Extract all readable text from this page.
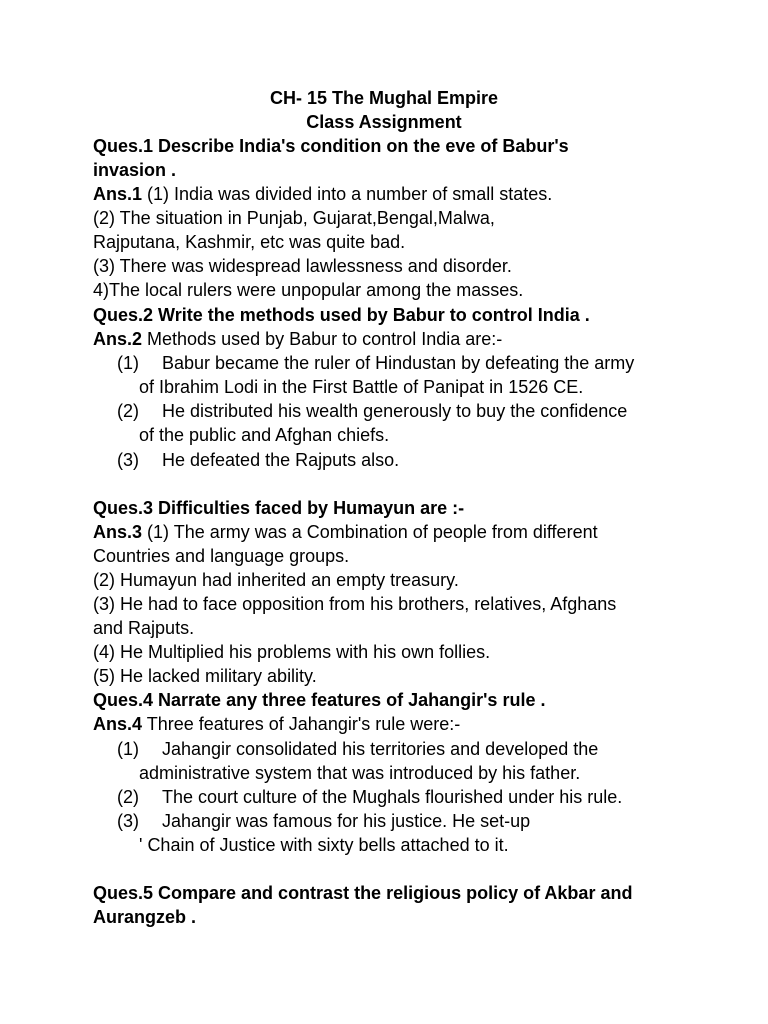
CH- 15 The Mughal Empire
Class Assignment
Ques.1 Describe India's condition on the eve of Babur's
invasion .
Ans.1 (1) India was divided into a number of small states.
(2) The situation in Punjab, Gujarat,Bengal,Malwa,
Rajputana, Kashmir, etc was quite bad.
(3) There was widespread lawlessness and disorder.
4)The local rulers were unpopular among the masses.
Ques.2 Write the methods used by Babur to control India .
Ans.2 Methods used by Babur to control India are:-
(1) Babur became the ruler of Hindustan by defeating the army
of Ibrahim Lodi in the First Battle of Panipat in 1526 CE.
(2) He distributed his wealth generously to buy the confidence
of the public and Afghan chiefs.
(3) He defeated the Rajputs also.
Ques.3 Difficulties faced by Humayun are :-
Ans.3 (1) The army was a Combination of people from different
Countries and language groups.
(2) Humayun had inherited an empty treasury.
(3) He had to face opposition from his brothers, relatives, Afghans
and Rajputs.
(4) He Multiplied his problems with his own follies.
(5) He lacked military ability.
Ques.4 Narrate any three features of Jahangir's rule .
Ans.4 Three features of Jahangir's rule were:-
(1) Jahangir consolidated his territories and developed the
administrative system that was introduced by his father.
(2) The court culture of the Mughals flourished under his rule.
(3) Jahangir was famous for his justice. He set-up
' Chain of Justice with sixty bells attached to it.
Ques.5 Compare and contrast the religious policy of Akbar and
Aurangzeb .
